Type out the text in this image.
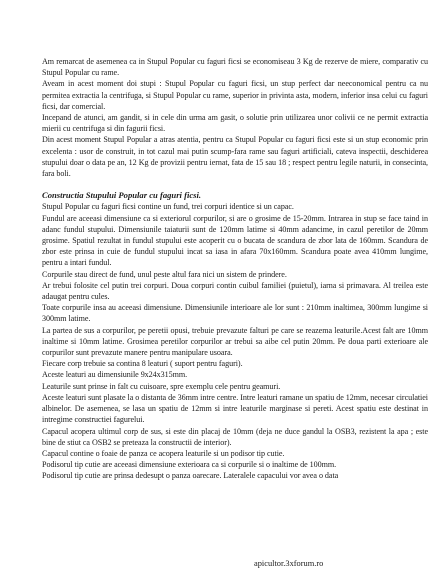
Am remarcat de asemenea ca in Stupul Popular cu faguri ficsi se economiseau 3 Kg de rezerve de miere, comparativ cu Stupul Popular cu rame.

Aveam in acest moment doi stupi : Stupul Popular cu faguri ficsi, un stup perfect dar neeconomical pentru ca nu permitea extractia la centrifuga, si Stupul Popular cu rame, superior in privinta asta, modern, inferior insa celui cu faguri ficsi, dar comercial.

Incepand de atunci, am gandit, si in cele din urma am gasit, o solutie prin utilizarea unor colivii ce ne permit extractia mierii cu centrifuga si din fagurii ficsi.

Din acest moment Stupul Popular a atras atentia, pentru ca Stupul Popular cu faguri ficsi este si un stup economic prin excelenta : usor de construit, in tot cazul mai putin scump-fara rame sau faguri artificiali, cateva inspectii, deschiderea stupului doar o data pe an, 12 Kg de provizii pentru iernat, fata de 15 sau 18 ; respect pentru legile naturii, in consecinta, fara boli.

Constructia Stupului Popular cu faguri ficsi.

Stupul Popular cu faguri ficsi contine un fund, trei corpuri identice si un capac.

Fundul are aceeasi dimensiune ca si exteriorul corpurilor, si are o grosime de 15-20mm. Intrarea in stup se face taind in adanc fundul stupului. Dimensiunile taiaturii sunt de 120mm latime si 40mm adancime, in cazul peretilor de 20mm grosime. Spatiul rezultat in fundul stupului este acoperit cu o bucata de scandura de zbor lata de 160mm. Scandura de zbor este prinsa in cuie de fundul stupului incat sa iasa in afara 70x160mm. Scandura poate avea 410mm lungime, pentru a intari fundul.

Corpurile stau direct de fund, unul peste altul fara nici un sistem de prindere.

Ar trebui folosite cel putin trei corpuri. Doua corpuri contin cuibul familiei (puietul), iarna si primavara. Al treilea este adaugat pentru cules.

Toate corpurile insa au aceeasi dimensiune. Dimensiunile interioare ale lor sunt : 210mm inaltimea, 300mm lungime si 300mm latime.

La partea de sus a corpurilor, pe peretii opusi, trebuie prevazute falturi pe care se reazema leaturile.Acest falt are 10mm inaltime si 10mm latime. Grosimea peretilor corpurilor ar trebui sa aibe cel putin 20mm. Pe doua parti exterioare ale corpurilor sunt prevazute manere pentru manipulare usoara.

Fiecare corp trebuie sa contina 8 leaturi ( suport pentru faguri).

Aceste leaturi au dimensiunile 9x24x315mm.

Leaturile sunt prinse in falt cu cuisoare, spre exemplu cele pentru geamuri.

Aceste leaturi sunt plasate la o distanta de 36mm intre centre. Intre leaturi ramane un spatiu de 12mm, necesar circulatiei albinelor. De asemenea, se lasa un spatiu de 12mm si intre leaturile marginase si pereti. Acest spatiu este destinat in intregime constructiei fagurelui.

Capacul acopera ultimul corp de sus, si este din placaj de 10mm (deja ne duce gandul la OSB3, rezistent la apa ; este bine de stiut ca OSB2 se preteaza la constructii de interior).

Capacul contine o foaie de panza ce acopera leaturile si un podisor tip cutie.

Podisorul tip cutie are aceeasi dimensiune exterioara ca si corpurile si o inaltime de 100mm.

Podisorul tip cutie are prinsa dedesupt o panza oarecare. Lateralele capacului vor avea o data

apicultor.3xforum.ro
